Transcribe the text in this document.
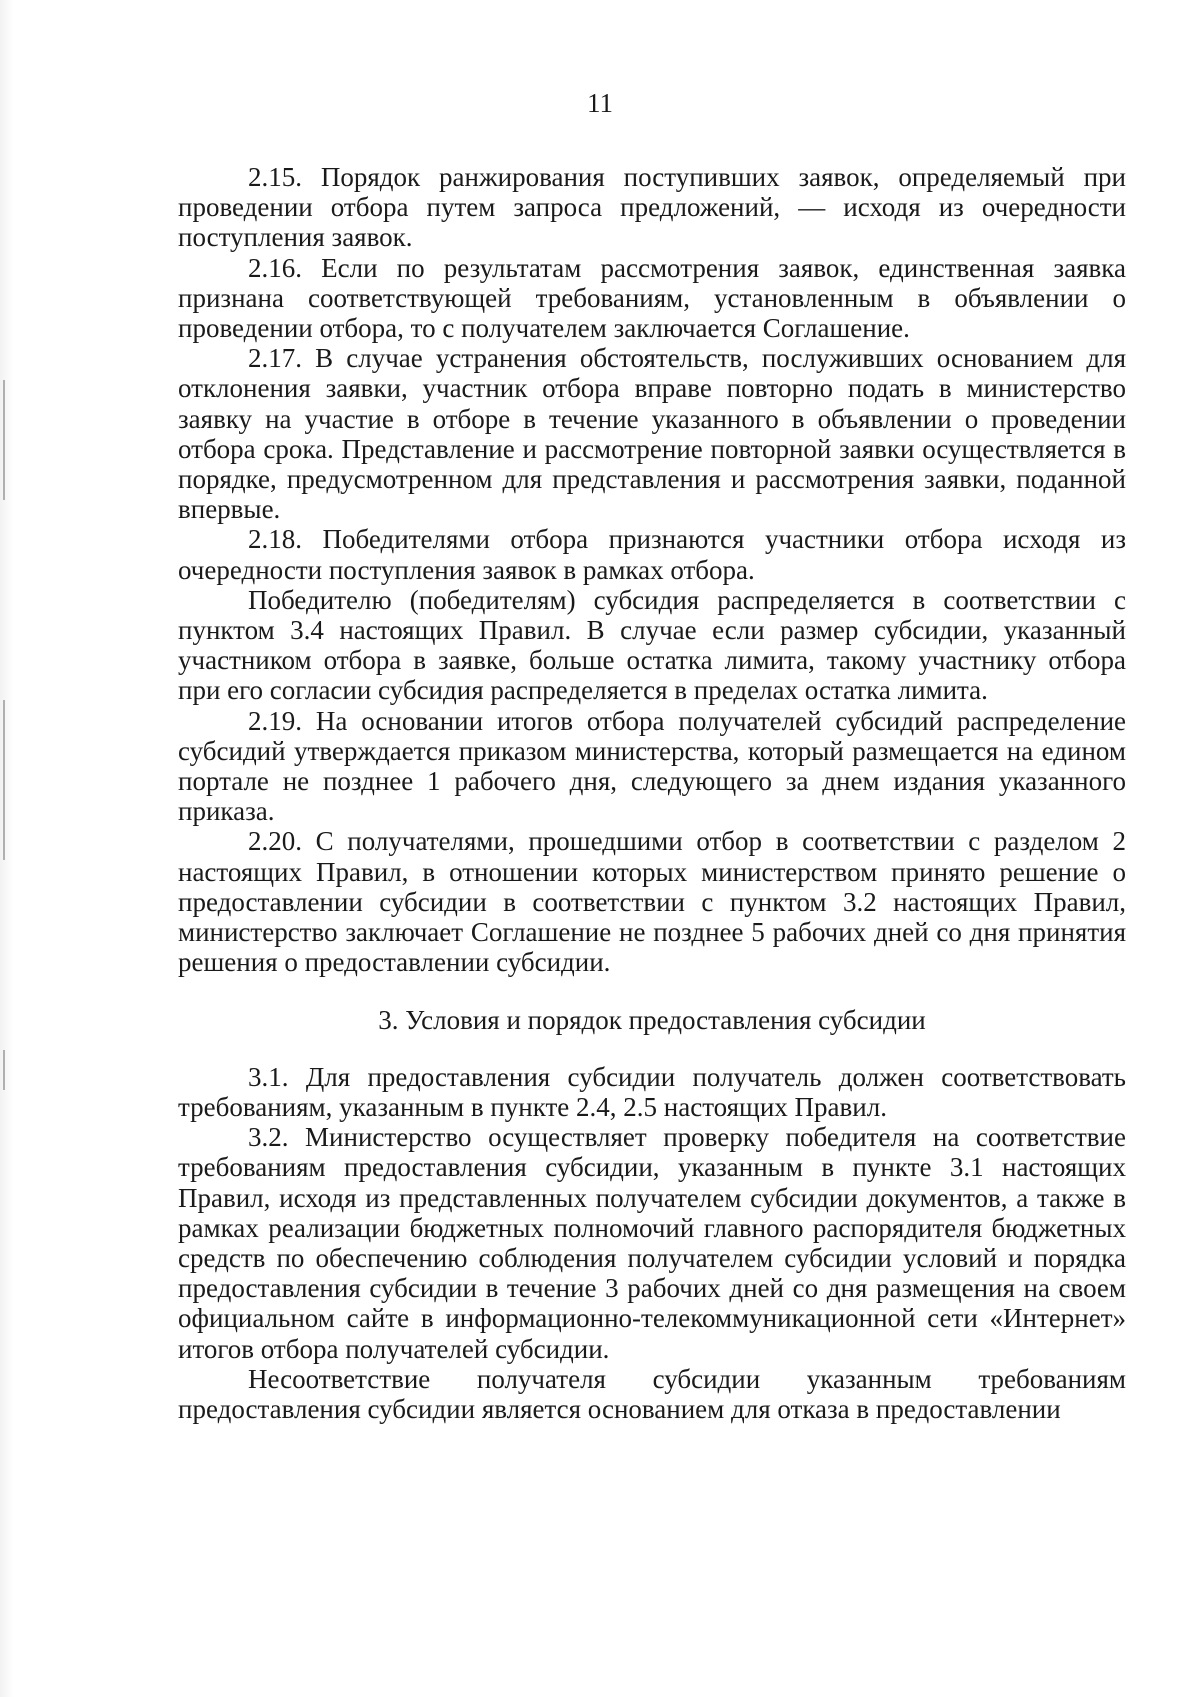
11

2.15. Порядок ранжирования поступивших заявок, определяемый при проведении отбора путем запроса предложений, — исходя из очередности поступления заявок.

2.16. Если по результатам рассмотрения заявок, единственная заявка признана соответствующей требованиям, установленным в объявлении о проведении отбора, то с получателем заключается Соглашение.

2.17. В случае устранения обстоятельств, послуживших основанием для отклонения заявки, участник отбора вправе повторно подать в министерство заявку на участие в отборе в течение указанного в объявлении о проведении отбора срока. Представление и рассмотрение повторной заявки осуществляется в порядке, предусмотренном для представления и рассмотрения заявки, поданной впервые.

2.18. Победителями отбора признаются участники отбора исходя из очередности поступления заявок в рамках отбора.

Победителю (победителям) субсидия распределяется в соответствии с пунктом 3.4 настоящих Правил. В случае если размер субсидии, указанный участником отбора в заявке, больше остатка лимита, такому участнику отбора при его согласии субсидия распределяется в пределах остатка лимита.

2.19. На основании итогов отбора получателей субсидий распределение субсидий утверждается приказом министерства, который размещается на едином портале не позднее 1 рабочего дня, следующего за днем издания указанного приказа.

2.20. С получателями, прошедшими отбор в соответствии с разделом 2 настоящих Правил, в отношении которых министерством принято решение о предоставлении субсидии в соответствии с пунктом 3.2 настоящих Правил, министерство заключает Соглашение не позднее 5 рабочих дней со дня принятия решения о предоставлении субсидии.

3. Условия и порядок предоставления субсидии

3.1. Для предоставления субсидии получатель должен соответствовать требованиям, указанным в пункте 2.4, 2.5 настоящих Правил.

3.2. Министерство осуществляет проверку победителя на соответствие требованиям предоставления субсидии, указанным в пункте 3.1 настоящих Правил, исходя из представленных получателем субсидии документов, а также в рамках реализации бюджетных полномочий главного распорядителя бюджетных средств по обеспечению соблюдения получателем субсидии условий и порядка предоставления субсидии в течение 3 рабочих дней со дня размещения на своем официальном сайте в информационно-телекоммуникационной сети «Интернет» итогов отбора получателей субсидии.

Несоответствие получателя субсидии указанным требованиям предоставления субсидии является основанием для отказа в предоставлении
